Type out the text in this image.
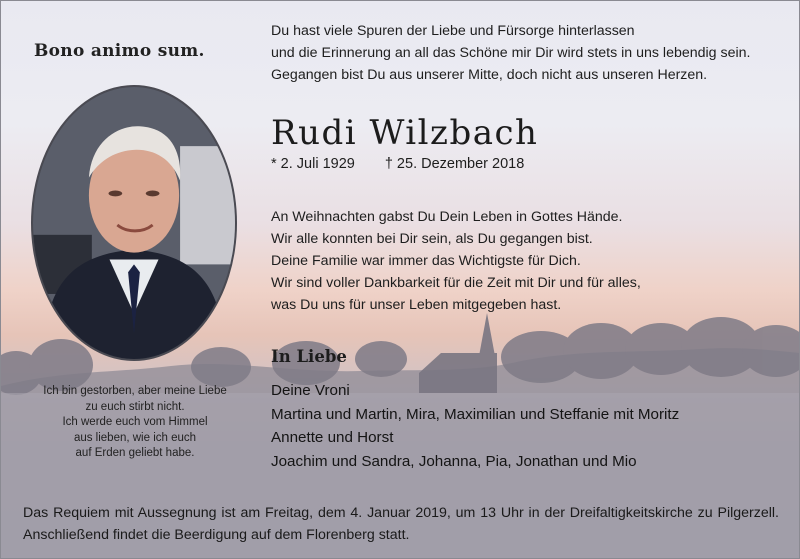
Bono animo sum.
Ich bin gestorben, aber meine Liebe
zu euch stirbt nicht.
Ich werde euch vom Himmel
aus lieben, wie ich euch
auf Erden geliebt habe.
Du hast viele Spuren der Liebe und Fürsorge hinterlassen
und die Erinnerung an all das Schöne mir Dir wird stets in uns lebendig sein.
Gegangen bist Du aus unserer Mitte, doch nicht aus unseren Herzen.
Rudi Wilzbach
* 2. Juli 1929 † 25. Dezember 2018
An Weihnachten gabst Du Dein Leben in Gottes Hände.
Wir alle konnten bei Dir sein, als Du gegangen bist.
Deine Familie war immer das Wichtigste für Dich.
Wir sind voller Dankbarkeit für die Zeit mit Dir und für alles,
was Du uns für unser Leben mitgegeben hast.
In Liebe
Deine Vroni
Martina und Martin, Mira, Maximilian und Steffanie mit Moritz
Annette und Horst
Joachim und Sandra, Johanna, Pia, Jonathan und Mio
Das Requiem mit Aussegnung ist am Freitag, dem 4. Januar 2019, um 13 Uhr in der Dreifaltigkeitskirche zu Pilgerzell. Anschließend findet die Beerdigung auf dem Florenberg statt.
